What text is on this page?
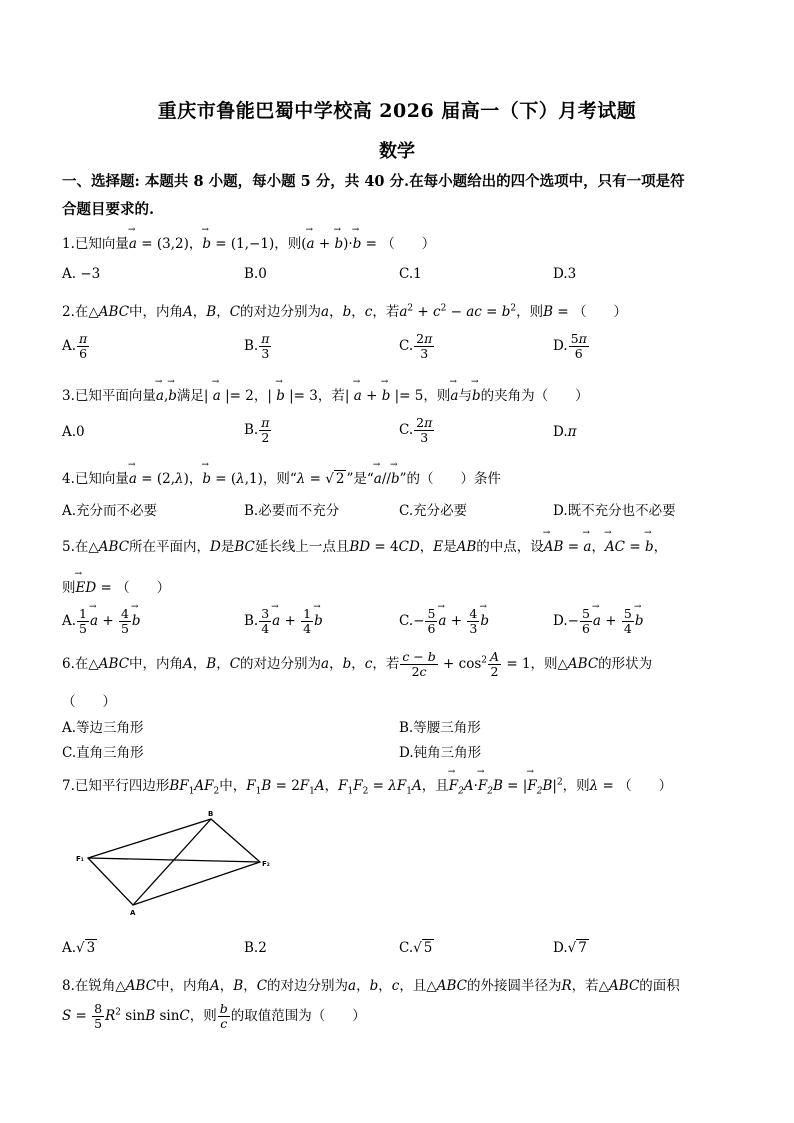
重庆市鲁能巴蜀中学校高 2026 届高一（下）月考试题
数学
一、选择题: 本题共 8 小题，每小题 5 分，共 40 分.在每小题给出的四个选项中，只有一项是符
合题目要求的.
1.已知向量→ a = (3,2)，→ b = (1,−1)，则(→ a + → b)·→ b = （　　）
A. −3	B.0	C.1	D.3
2.在△ABC中，内角A，B，C的对边分别为a，b，c，若$a^2 + c^2$ − ac = $b^2$，则B = （　　）
A. $\frac{\pi}{6}$	B. $\frac{\pi}{3}$	C. $\frac{2\pi}{3}$	D. $\frac{5\pi}{6}$
3.已知平面向量→ a,→ b满足| → a |= 2，| → b |= 3，若| → a + → b |= 5，则→ a与→ b的夹角为（　　）
A.0	B. $\frac{\pi}{2}$	C. $\frac{2\pi}{3}$	D.π
4.已知向量→ a = (2,λ)，→ b = (λ,1)，则“λ = √ 2 ”是“→ a//→ b”的（　　）条件
A.充分而不必要	B.必要而不充分	C.充分必要	D.既不充分也不必要
5.在△ABC所在平面内，D是BC延长线上一点且BD = 4CD，E是AB的中点，设→ AB = → a，→ AC = → b，
则→ ED = （　　）
A. $\frac{1}{5}$
→ $a + \frac{4}{5}$
→ b	B. $\frac{3}{4}$
→ $a + \frac{1}{4}$
→ b	$C.- \frac{5}{6}$
→ $a + \frac{4}{3}$
→ b	$D.- \frac{5}{6}$
→ $a + \frac{5}{4}$
→ b
6.在△ABC中，内角A，B，C的对边分别为a，b，c，若 $\frac{c - b}{2c} + \cos^2 \frac{A}{2} = 1$，则△ABC的形状为
（　　）
A.等边三角形	B.等腰三角形
C.直角三角形	D.钝角三角形
7.已知平行四边形$BF_1AF_2$中，$F_1B = 2F_1A$，$F_1F_2 = \lambda F_1A$，且→ $F_2A\cdot\to F_2B$ = |→ $F_2B|^2$，则λ = （　　）
F₁
F₂
B
A
A.√ 3	B.2	C.√ 5	D.√ 7
8.在锐角△ABC中，内角A，B，C的对边分别为a，b，c，且△ABC的外接圆半径为R，若△ABC的面积
$S = \frac{8}{5} R^2$ sinB sinC，则 $\frac{b}{c}$ 的取值范围为（　　）
